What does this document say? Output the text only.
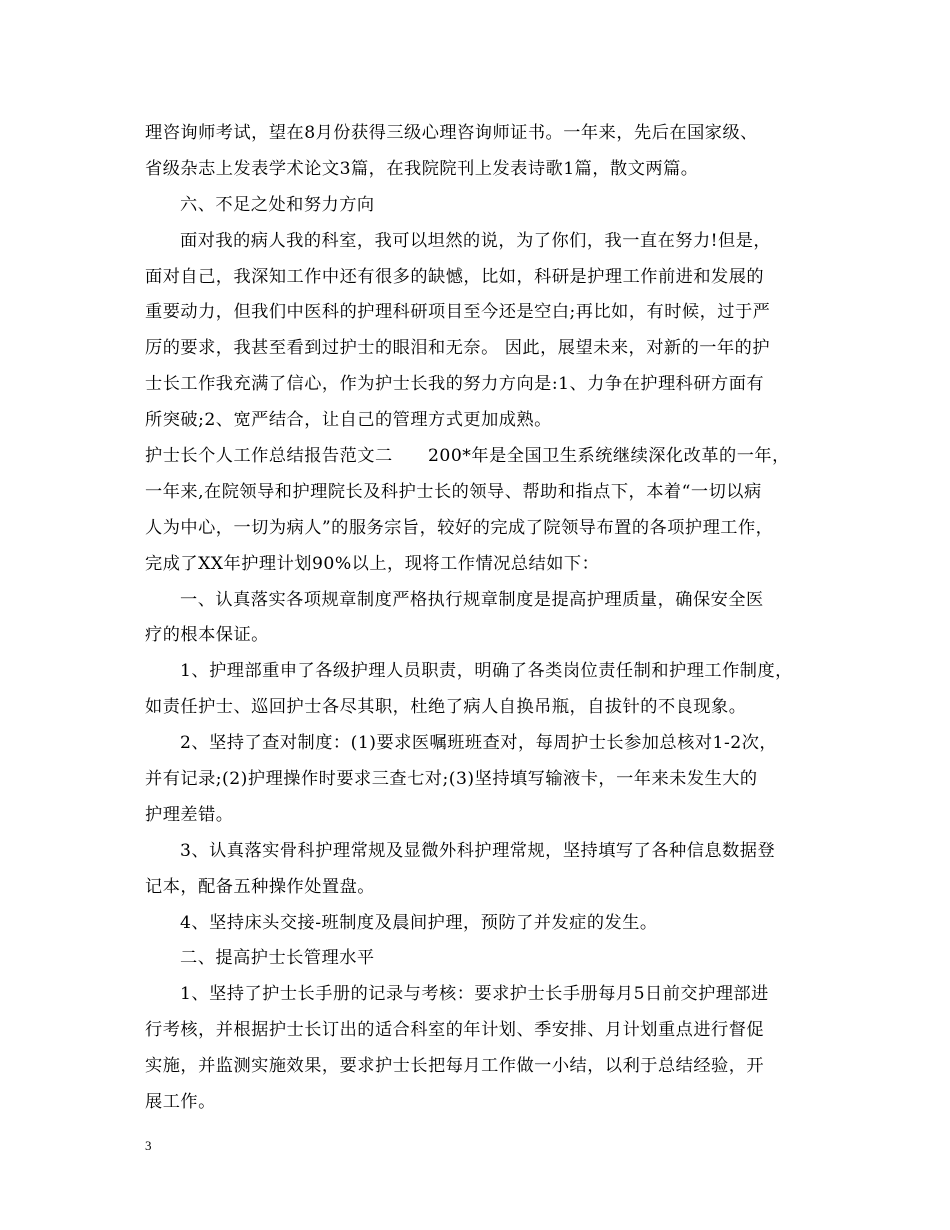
理咨询师考试，望在8月份获得三级心理咨询师证书。一年来，先后在国家级、
省级杂志上发表学术论文3篇，在我院院刊上发表诗歌1篇，散文两篇。
六、不足之处和努力方向
面对我的病人我的科室，我可以坦然的说，为了你们，我一直在努力!但是，
面对自己，我深知工作中还有很多的缺憾，比如，科研是护理工作前进和发展的
重要动力，但我们中医科的护理科研项目至今还是空白;再比如，有时候，过于严
厉的要求，我甚至看到过护士的眼泪和无奈。 因此，展望未来，对新的一年的护
士长工作我充满了信心，作为护士长我的努力方向是:1、力争在护理科研方面有
所突破;2、宽严结合，让自己的管理方式更加成熟。
护士长个人工作总结报告范文二　　200*年是全国卫生系统继续深化改革的一年，
一年来,在院领导和护理院长及科护士长的领导、帮助和指点下，本着“一切以病
人为中心，一切为病人”的服务宗旨，较好的完成了院领导布置的各项护理工作，
完成了XX年护理计划90%以上，现将工作情况总结如下：
一、认真落实各项规章制度严格执行规章制度是提高护理质量，确保安全医
疗的根本保证。
1、护理部重申了各级护理人员职责，明确了各类岗位责任制和护理工作制度，
如责任护士、巡回护士各尽其职，杜绝了病人自换吊瓶，自拔针的不良现象。
2、坚持了查对制度：(1)要求医嘱班班查对，每周护士长参加总核对1-2次，
并有记录;(2)护理操作时要求三查七对;(3)坚持填写输液卡，一年来未发生大的
护理差错。
3、认真落实骨科护理常规及显微外科护理常规，坚持填写了各种信息数据登
记本，配备五种操作处置盘。
4、坚持床头交接-班制度及晨间护理，预防了并发症的发生。
二、提高护士长管理水平
1、坚持了护士长手册的记录与考核：要求护士长手册每月5日前交护理部进
行考核，并根据护士长订出的适合科室的年计划、季安排、月计划重点进行督促
实施，并监测实施效果，要求护士长把每月工作做一小结，以利于总结经验，开
展工作。
3
